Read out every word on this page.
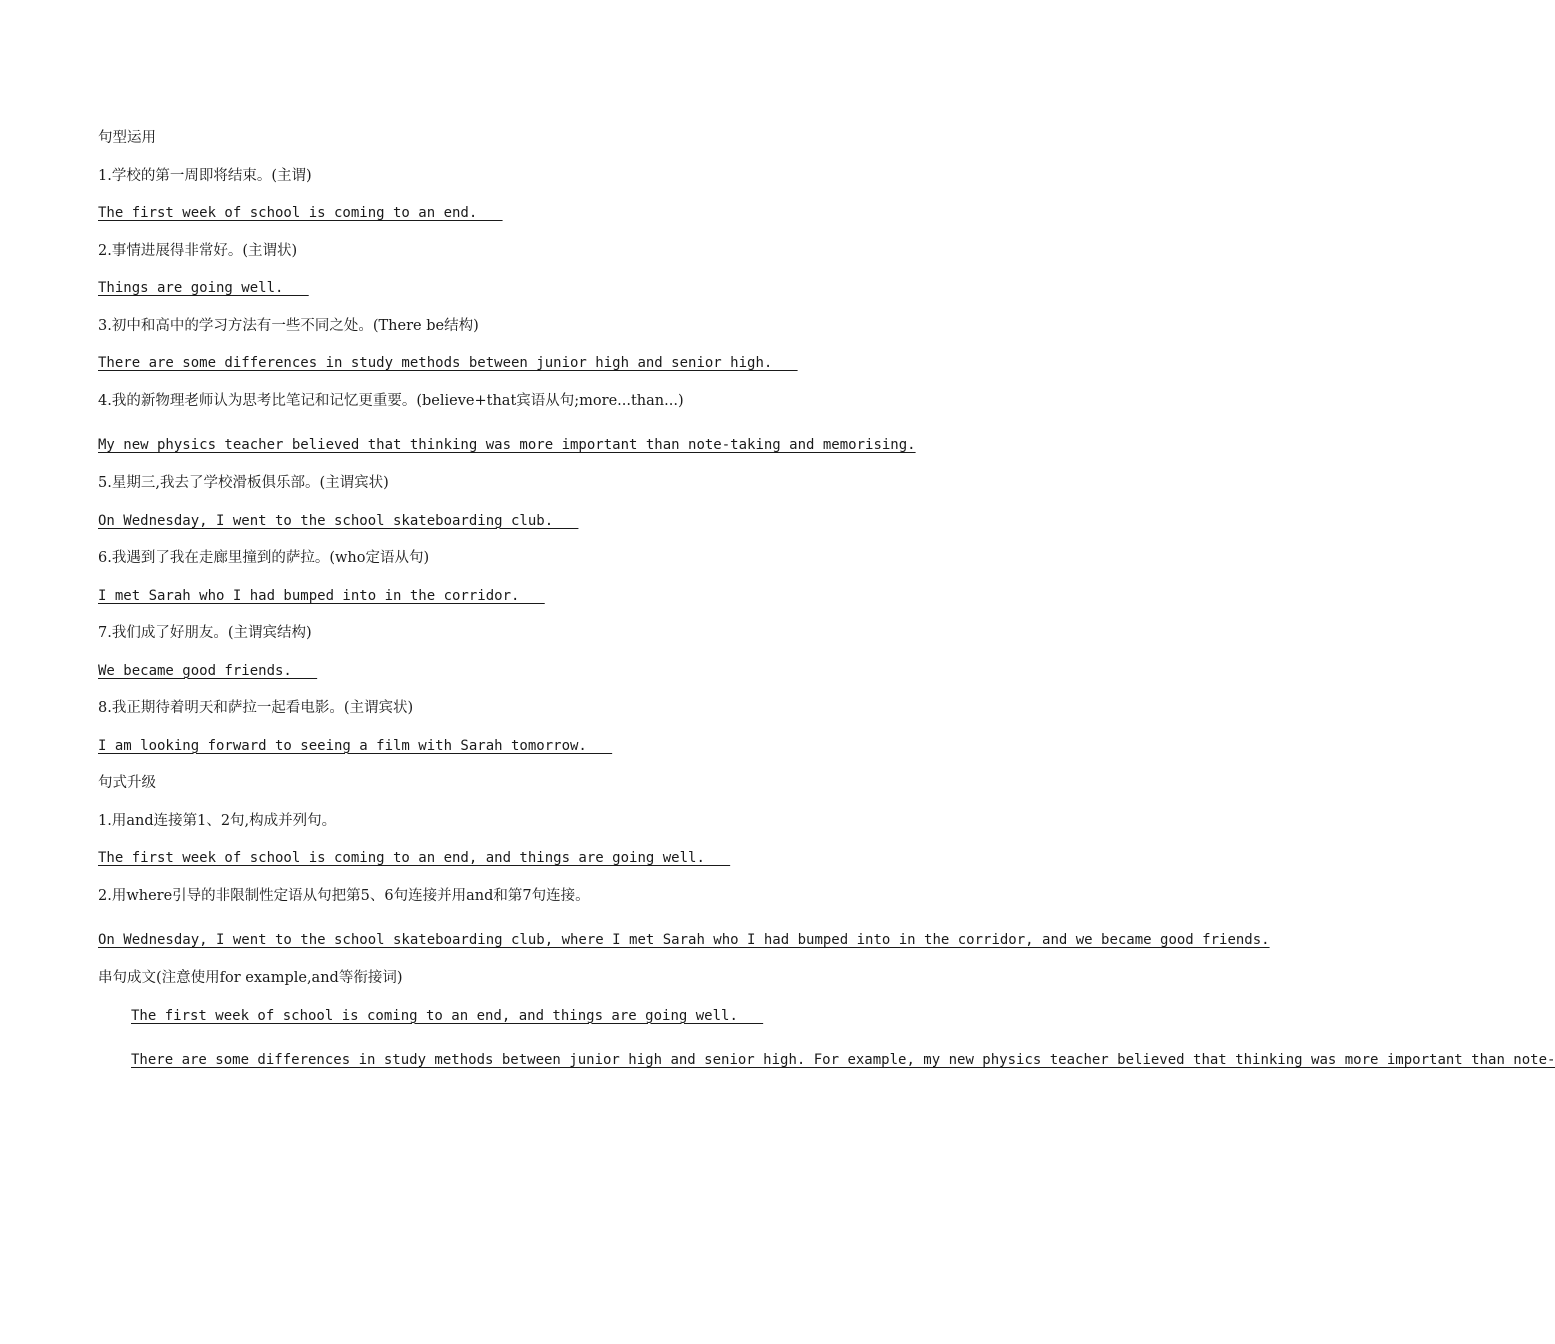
句型运用

1.学校的第一周即将结束。(主谓)

The first week of school is coming to an end.

2.事情进展得非常好。(主谓状)

Things are going well.

3.初中和高中的学习方法有一些不同之处。(There be结构)

There are some differences in study methods between junior high and senior high.

4.我的新物理老师认为思考比笔记和记忆更重要。(believe+that宾语从句;more...than...)

My new physics teacher believed that thinking was more important than note-taking and memorising.

5.星期三,我去了学校滑板俱乐部。(主谓宾状)

On Wednesday, I went to the school skateboarding club.

6.我遇到了我在走廊里撞到的萨拉。(who定语从句)

I met Sarah who I had bumped into in the corridor.

7.我们成了好朋友。(主谓宾结构)

We became good friends.

8.我正期待着明天和萨拉一起看电影。(主谓宾状)

I am looking forward to seeing a film with Sarah tomorrow.

句式升级

1.用and连接第1、2句,构成并列句。

The first week of school is coming to an end, and things are going well.

2.用where引导的非限制性定语从句把第5、6句连接并用and和第7句连接。

On Wednesday, I went to the school skateboarding club, where I met Sarah who I had bumped into in the corridor, and we became good friends.

串句成文(注意使用for example,and等衔接词)

The first week of school is coming to an end, and things are going well.

There are some differences in study methods between junior high and senior high. For example, my new physics teacher believed that thinking was more important than note-
